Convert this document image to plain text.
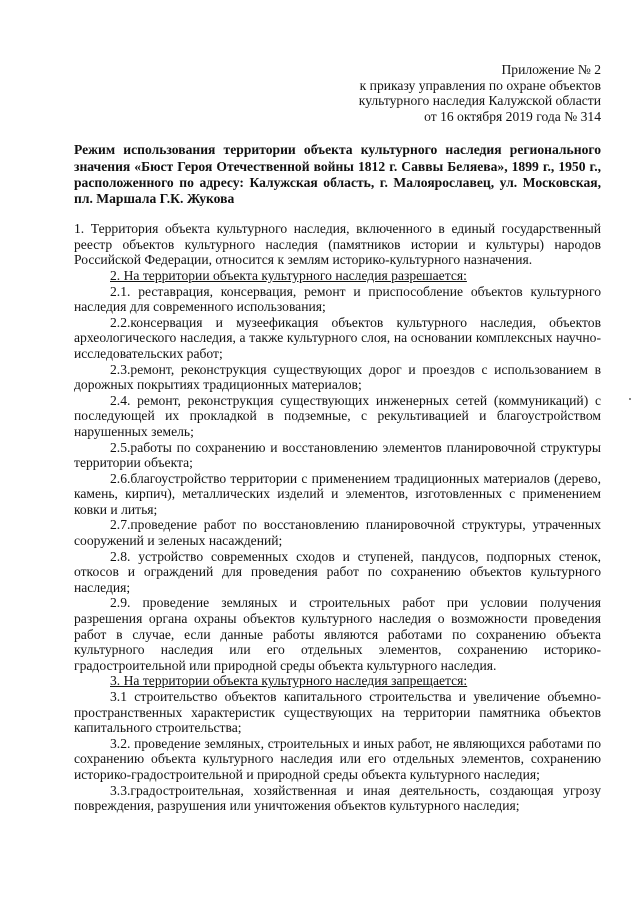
Приложение № 2
к приказу управления по охране объектов
культурного наследия Калужской области
от 16 октября 2019 года № 314
Режим использования территории объекта культурного наследия регионального значения «Бюст Героя Отечественной войны 1812 г. Саввы Беляева», 1899 г., 1950 г., расположенного по адресу: Калужская область, г. Малоярославец, ул. Московская, пл. Маршала Г.К. Жукова

1. Территория объекта культурного наследия, включенного в единый государственный реестр объектов культурного наследия (памятников истории и культуры) народов Российской Федерации, относится к землям историко-культурного назначения.

2. На территории объекта культурного наследия разрешается:

2.1. реставрация, консервация, ремонт и приспособление объектов культурного наследия для современного использования;

2.2.консервация и музеефикация объектов культурного наследия, объектов археологического наследия, а также культурного слоя, на основании комплексных научно-исследовательских работ;

2.3.ремонт, реконструкция существующих дорог и проездов с использованием в дорожных покрытиях традиционных материалов;

2.4. ремонт, реконструкция существующих инженерных сетей (коммуникаций) с последующей их прокладкой в подземные, с рекультивацией и благоустройством нарушенных земель;

2.5.работы по сохранению и восстановлению элементов планировочной структуры территории объекта;

2.6.благоустройство территории с применением традиционных материалов (дерево, камень, кирпич), металлических изделий и элементов, изготовленных с применением ковки и литья;

2.7.проведение работ по восстановлению планировочной структуры, утраченных сооружений и зеленых насаждений;

2.8. устройство современных сходов и ступеней, пандусов, подпорных стенок, откосов и ограждений для проведения работ по сохранению объектов культурного наследия;

2.9. проведение земляных и строительных работ при условии получения разрешения органа охраны объектов культурного наследия о возможности проведения работ в случае, если данные работы являются работами по сохранению объекта культурного наследия или его отдельных элементов, сохранению историко-градостроительной или природной среды объекта культурного наследия.

3. На территории объекта культурного наследия запрещается:

3.1 строительство объектов капитального строительства и увеличение объемно-пространственных характеристик существующих на территории памятника объектов капитального строительства;

3.2. проведение земляных, строительных и иных работ, не являющихся работами по сохранению объекта культурного наследия или его отдельных элементов, сохранению историко-градостроительной и природной среды объекта культурного наследия;

3.3.градостроительная, хозяйственная и иная деятельность, создающая угрозу повреждения, разрушения или уничтожения объектов культурного наследия;
